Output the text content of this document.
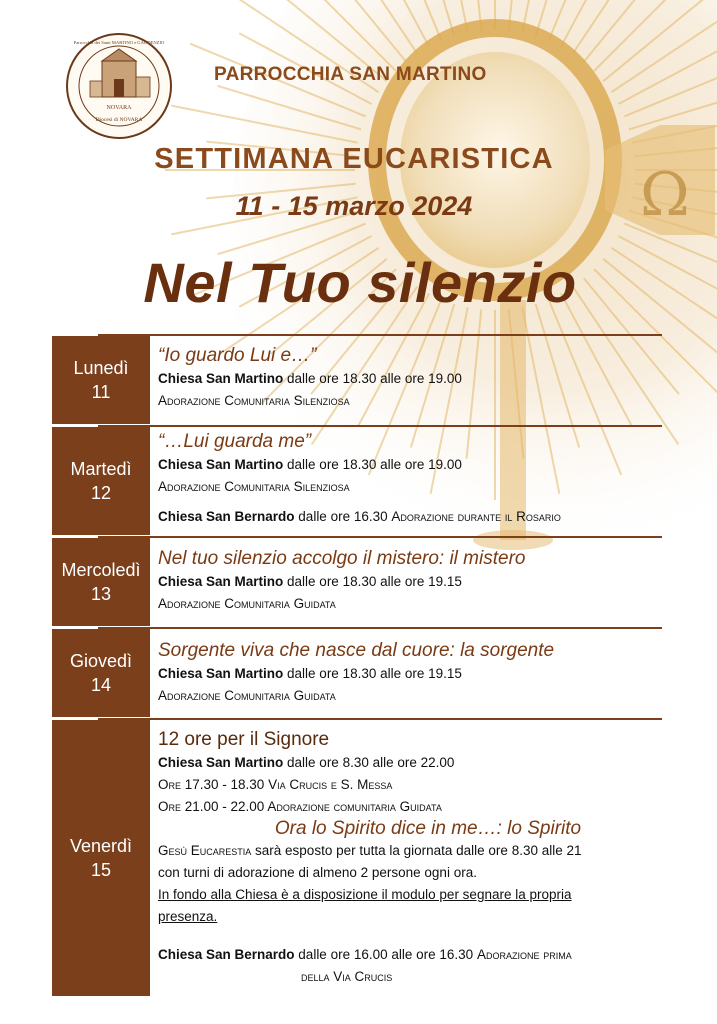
Ω
NOVARA
Diocesi di NOVARA
Parrocchia dei Santi MARTINO e GAUDENZIO
PARROCCHIA SAN MARTINO
SETTIMANA EUCARISTICA
11 - 15 marzo 2024
Nel Tuo silenzio
Lunedì
11
“Io guardo Lui e…”
Chiesa San Martino dalle ore 18.30 alle ore 19.00
Adorazione Comunitaria Silenziosa
Martedì
12
“…Lui guarda me”
Chiesa San Martino dalle ore 18.30 alle ore 19.00
Adorazione Comunitaria Silenziosa
Chiesa San Bernardo dalle ore 16.30 Adorazione durante il Rosario
Mercoledì
13
Nel tuo silenzio accolgo il mistero: il mistero
Chiesa San Martino dalle ore 18.30 alle ore 19.15
Adorazione Comunitaria Guidata
Giovedì
14
Sorgente viva che nasce dal cuore: la sorgente
Chiesa San Martino dalle ore 18.30 alle ore 19.15
Adorazione Comunitaria Guidata
Venerdì
15
12 ore per il Signore
Chiesa San Martino dalle ore 8.30 alle ore 22.00
Ore 17.30 - 18.30 Via Crucis e S. Messa
Ore 21.00 - 22.00 Adorazione comunitaria Guidata
Ora lo Spirito dice in me…: lo Spirito
Gesù Eucarestia sarà esposto per tutta la giornata dalle ore 8.30 alle 21
con turni di adorazione di almeno 2 persone ogni ora.
In fondo alla Chiesa è a disposizione il modulo per segnare la propria
presenza.
Chiesa San Bernardo dalle ore 16.00 alle ore 16.30 Adorazione prima
della Via Crucis
